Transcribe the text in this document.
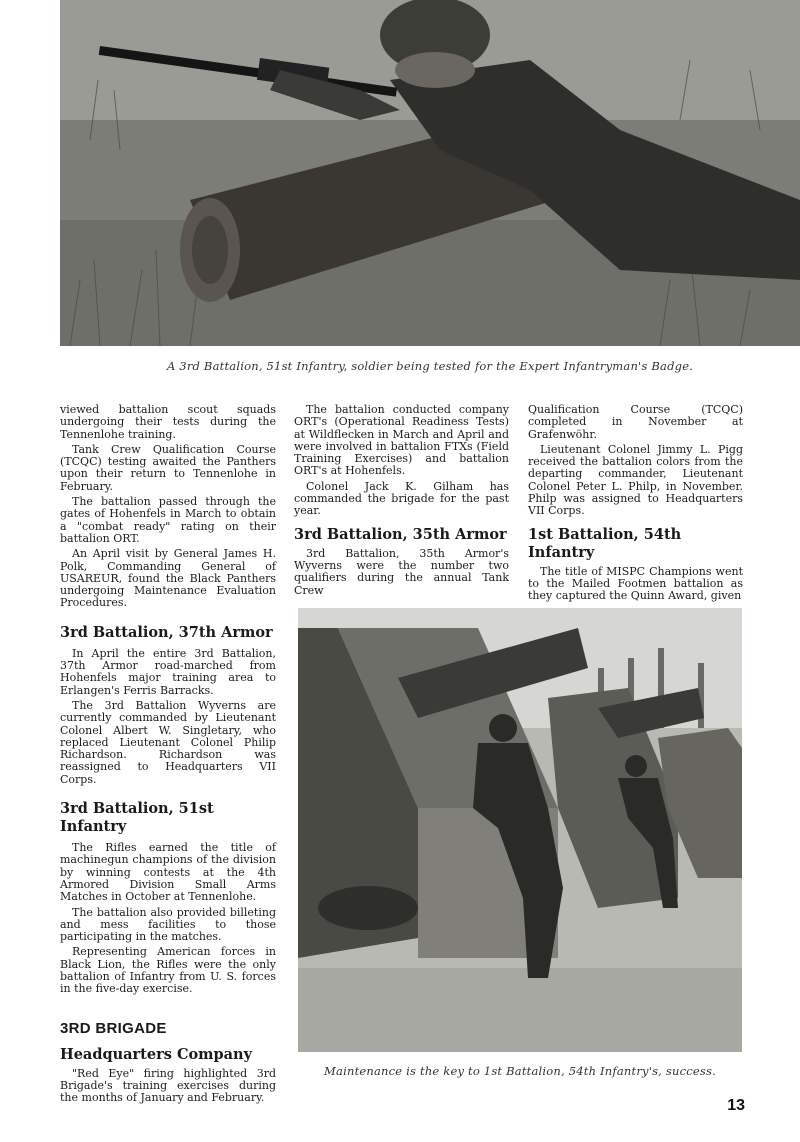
A 3rd Battalion, 51st Infantry, soldier being tested for the Expert Infantryman's Badge.

viewed battalion scout squads undergoing their tests during the Tennenlohe training.

Tank Crew Qualification Course (TCQC) testing awaited the Panthers upon their return to Tennenlohe in February.

The battalion passed through the gates of Hohenfels in March to obtain a "combat ready" rating on their battalion ORT.

An April visit by General James H. Polk, Commanding General of USAREUR, found the Black Panthers undergoing Maintenance Evaluation Procedures.

3rd Battalion, 37th Armor

In April the entire 3rd Battalion, 37th Armor road-marched from Hohenfels major training area to Erlangen's Ferris Barracks.

The 3rd Battalion Wyverns are currently commanded by Lieutenant Colonel Albert W. Singletary, who replaced Lieutenant Colonel Philip Richardson. Richardson was reassigned to Headquarters VII Corps.

3rd Battalion, 51st Infantry

The Rifles earned the title of machinegun champions of the division by winning contests at the 4th Armored Division Small Arms Matches in October at Tennenlohe.

The battalion also provided billeting and mess facilities to those participating in the matches.

Representing American forces in Black Lion, the Rifles were the only battalion of Infantry from U. S. forces in the five-day exercise.

3RD BRIGADE

Headquarters Company

"Red Eye" firing highlighted 3rd Brigade's training exercises during the months of January and February.

The battalion conducted company ORT's (Operational Readiness Tests) at Wildflecken in March and April and were involved in battalion FTXs (Field Training Exercises) and battalion ORT's at Hohenfels.

Colonel Jack K. Gilham has commanded the brigade for the past year.

3rd Battalion, 35th Armor

3rd Battalion, 35th Armor's Wyverns were the number two qualifiers during the annual Tank Crew

Qualification Course (TCQC) completed in November at Grafenwöhr.

Lieutenant Colonel Jimmy L. Pigg received the battalion colors from the departing commander, Lieutenant Colonel Peter L. Philp, in November. Philp was assigned to Headquarters VII Corps.

1st Battalion, 54th Infantry

The title of MISPC Champions went to the Mailed Footmen battalion as they captured the Quinn Award, given

Maintenance is the key to 1st Battalion, 54th Infantry's, success.
13
